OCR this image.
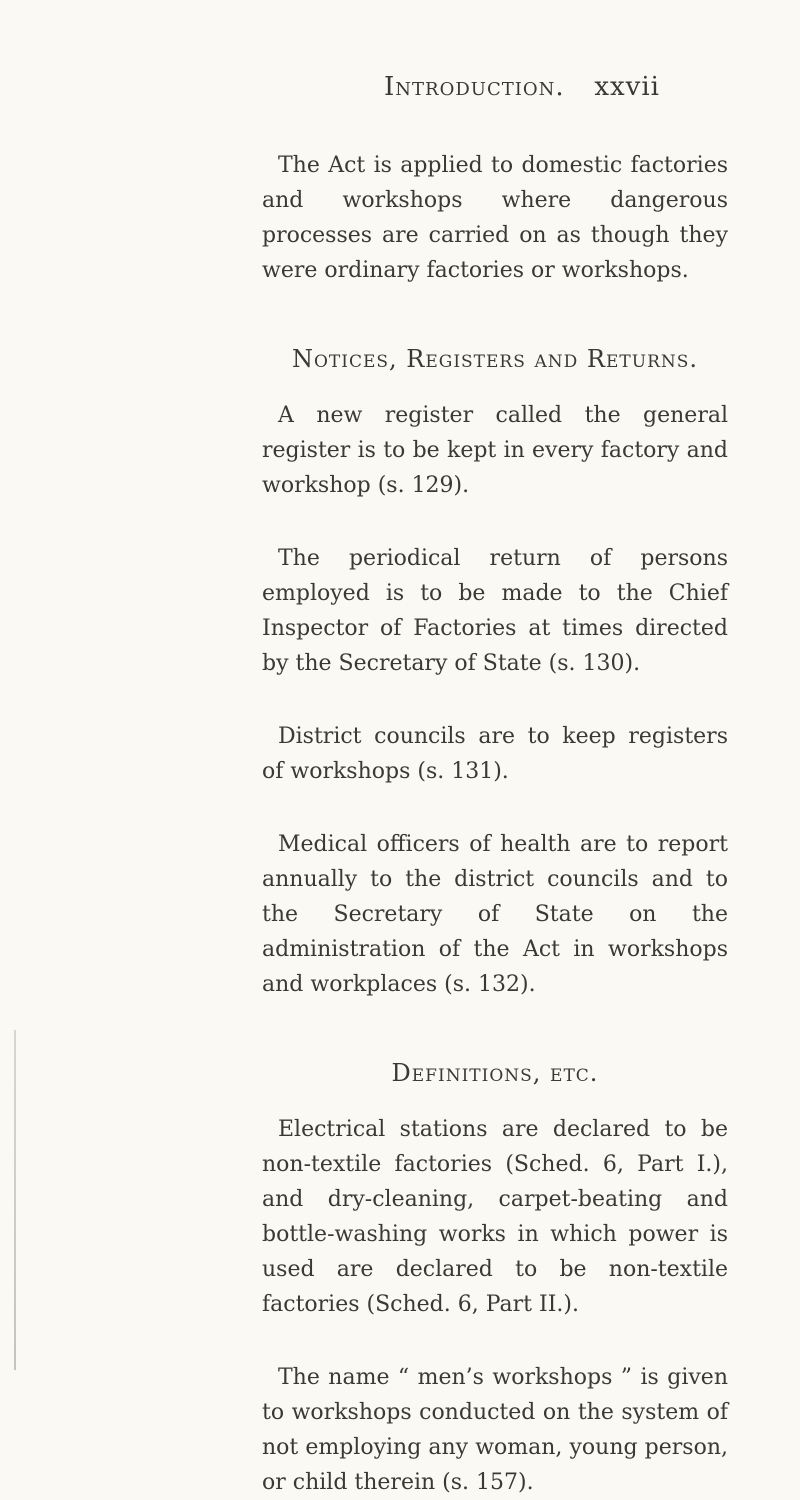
Introduction. xxvii

The Act is applied to domestic factories and workshops where dangerous processes are carried on as though they were ordinary factories or workshops.

Notices, Registers and Returns.

A new register called the general register is to be kept in every factory and workshop (s. 129).

The periodical return of persons employed is to be made to the Chief Inspector of Factories at times directed by the Secretary of State (s. 130).

District councils are to keep registers of workshops (s. 131).

Medical officers of health are to report annually to the district councils and to the Secretary of State on the administration of the Act in workshops and workplaces (s. 132).

Definitions, etc.

Electrical stations are declared to be non-textile factories (Sched. 6, Part I.), and dry-cleaning, carpet-beating and bottle-washing works in which power is used are declared to be non-textile factories (Sched. 6, Part II.).

The name “ men’s workshops ” is given to workshops conducted on the system of not employing any woman, young person, or child therein (s. 157).
